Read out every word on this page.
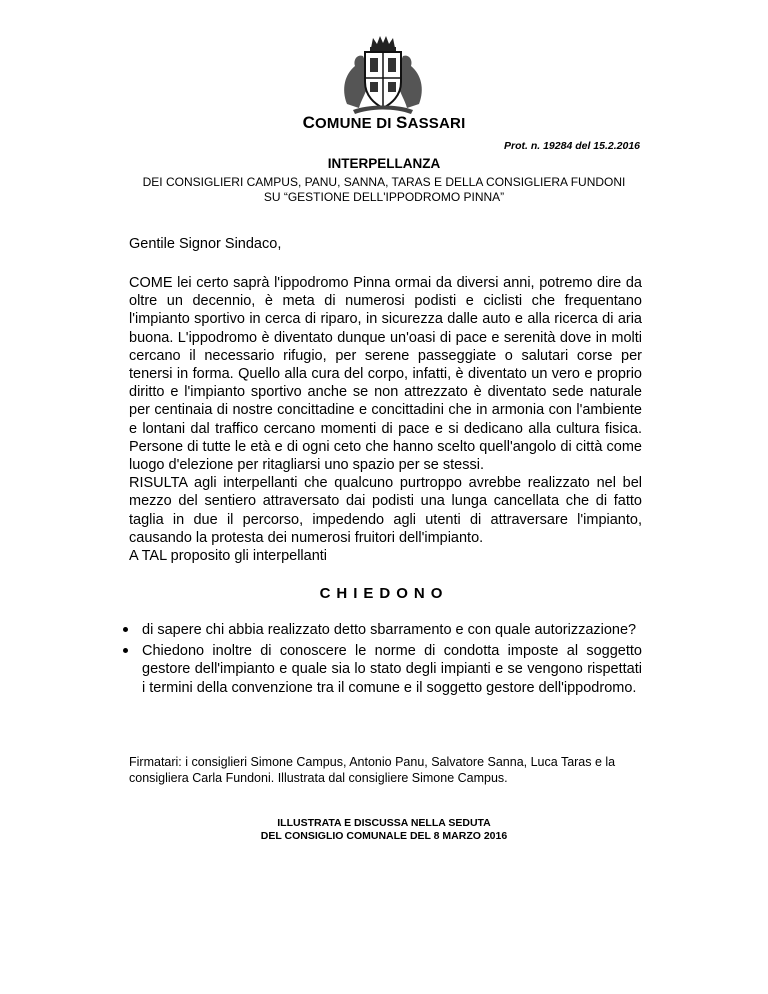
COMUNE DI SASSARI
Prot. n. 19284 del 15.2.2016
INTERPELLANZA
DEI CONSIGLIERI CAMPUS, PANU, SANNA, TARAS E DELLA CONSIGLIERA FUNDONI
SU “GESTIONE DELL'IPPODROMO PINNA”
Gentile Signor Sindaco,

COME lei certo saprà l'ippodromo Pinna ormai da diversi anni, potremo dire da oltre un decennio, è meta di numerosi podisti e ciclisti che frequentano l'impianto sportivo in cerca di riparo, in sicurezza dalle auto e alla ricerca di aria buona. L'ippodromo è diventato dunque un'oasi di pace e serenità dove in molti cercano il necessario rifugio, per serene passeggiate o salutari corse per tenersi in forma. Quello alla cura del corpo, infatti, è diventato un vero e proprio diritto e l'impianto sportivo anche se non attrezzato è diventato sede naturale per centinaia di nostre concittadine e concittadini che in armonia con l'ambiente e lontani dal traffico cercano momenti di pace e si dedicano alla cultura fisica. Persone di tutte le età e di ogni ceto che hanno scelto quell'angolo di città come luogo d'elezione per ritagliarsi uno spazio per se stessi.

RISULTA agli interpellanti che qualcuno purtroppo avrebbe realizzato nel bel mezzo del sentiero attraversato dai podisti una lunga cancellata che di fatto taglia in due il percorso, impedendo agli utenti di attraversare l'impianto, causando la protesta dei numerosi fruitori dell'impianto.

A TAL proposito gli interpellanti

CHIEDONO
di sapere chi abbia realizzato detto sbarramento e con quale autorizzazione?
Chiedono inoltre di conoscere le norme di condotta imposte al soggetto gestore dell'impianto e quale sia lo stato degli impianti e se vengono rispettati i termini della convenzione tra il comune e il soggetto gestore dell'ippodromo.
Firmatari: i consiglieri Simone Campus, Antonio Panu, Salvatore Sanna, Luca Taras e la consigliera Carla Fundoni. Illustrata dal consigliere Simone Campus.
ILLUSTRATA E DISCUSSA NELLA SEDUTA
DEL CONSIGLIO COMUNALE DEL 8 MARZO 2016
